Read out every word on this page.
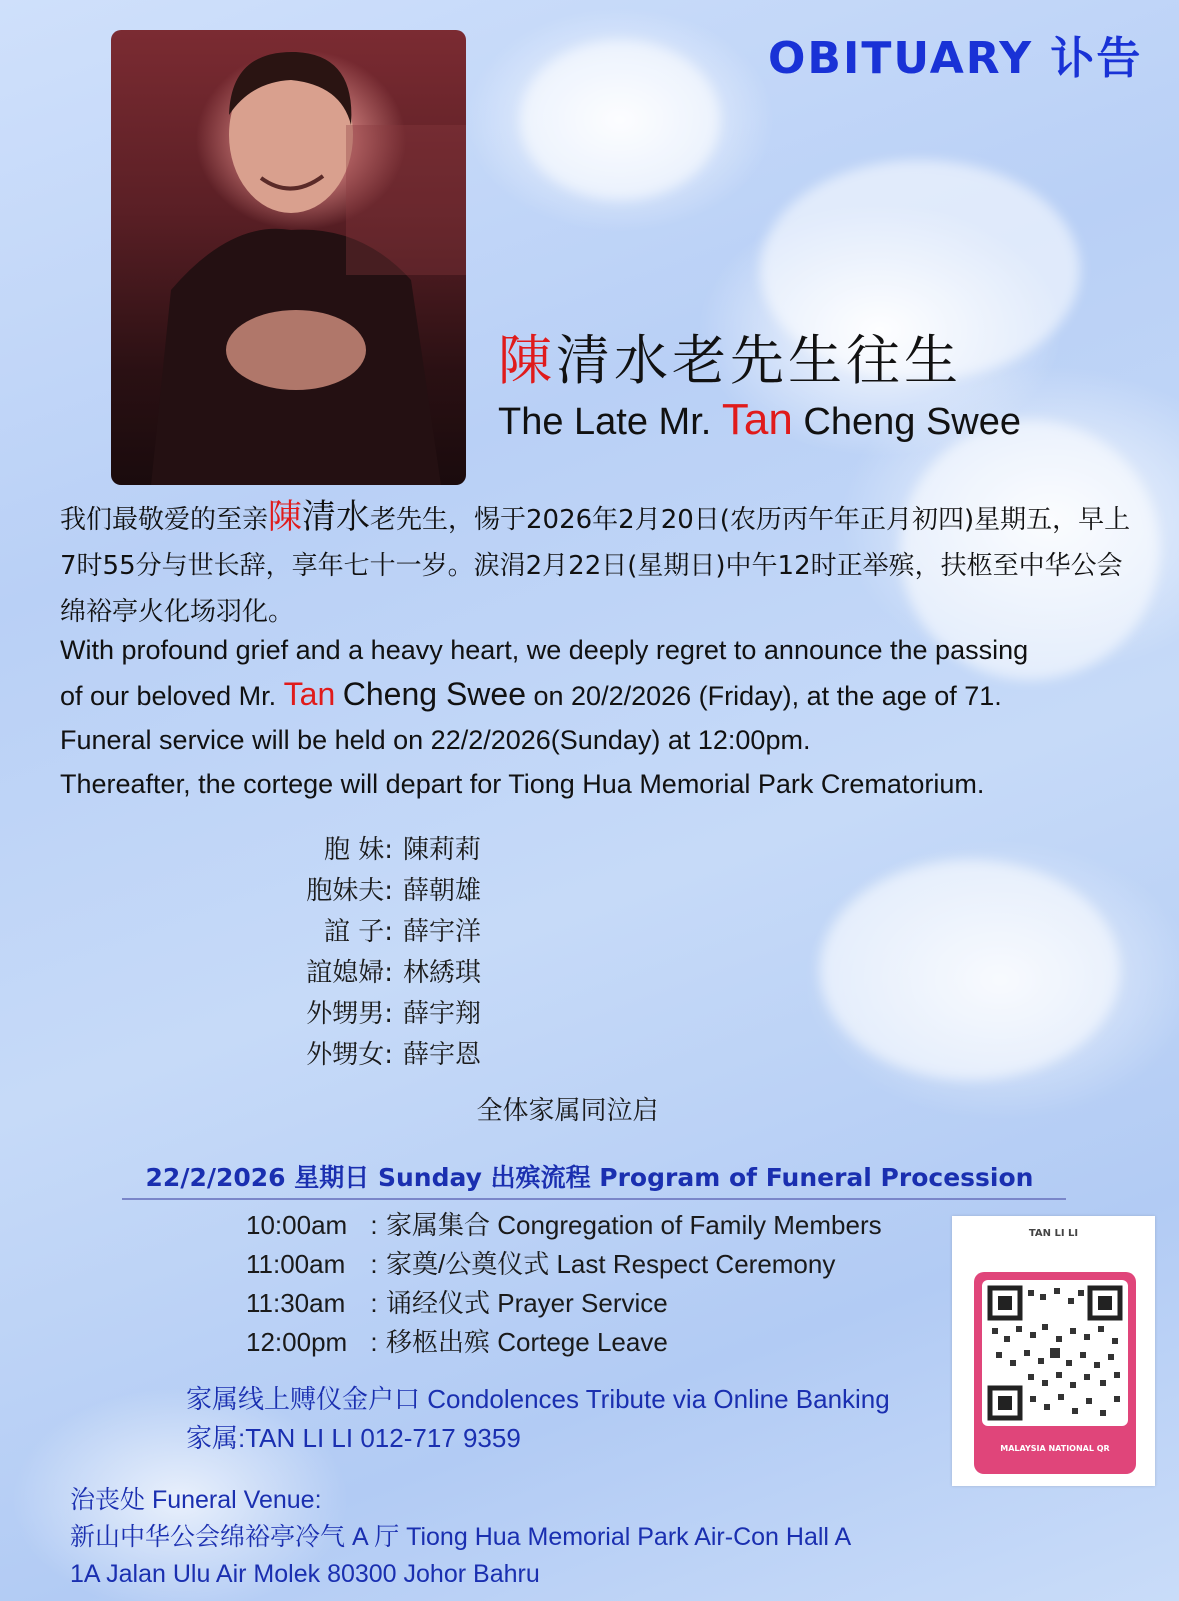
OBITUARY 讣告
陳清水老先生往生
The Late Mr. Tan Cheng Swee
我们最敬爱的至亲陳清水老先生，惕于2026年2月20日(农历丙午年正月初四)星期五，早上7时55分与世长辞，享年七十一岁。涙涓2月22日(星期日)中午12时正举殡，扶柩至中华公会绵裕亭火化场羽化。
With profound grief and a heavy heart, we deeply regret to announce the passing
of our beloved Mr. Tan Cheng Swee on 20/2/2026 (Friday), at the age of 71.
Funeral service will be held on 22/2/2026(Sunday) at 12:00pm.
Thereafter, the cortege will depart for Tiong Hua Memorial Park Crematorium.
胞 妹: 陳莉莉
胞妹夫: 薛朝雄
誼 子: 薛宇洋
誼媳婦: 林綉琪
外甥男: 薛宇翔
外甥女: 薛宇恩
全体家属同泣启
22/2/2026 星期日 Sunday 出殡流程 Program of Funeral Procession
10:00am : 家属集合 Congregation of Family Members
11:00am : 家奠/公奠仪式 Last Respect Ceremony
11:30am : 诵经仪式 Prayer Service
12:00pm : 移柩出殡 Cortege Leave
家属线上赙仪金户口 Condolences Tribute via Online Banking
家属:TAN LI LI 012-717 9359
TAN LI LI
MALAYSIA NATIONAL QR
治丧处 Funeral Venue:
新山中华公会绵裕亭冷气 A 厅 Tiong Hua Memorial Park Air-Con Hall A
1A Jalan Ulu Air Molek 80300 Johor Bahru
